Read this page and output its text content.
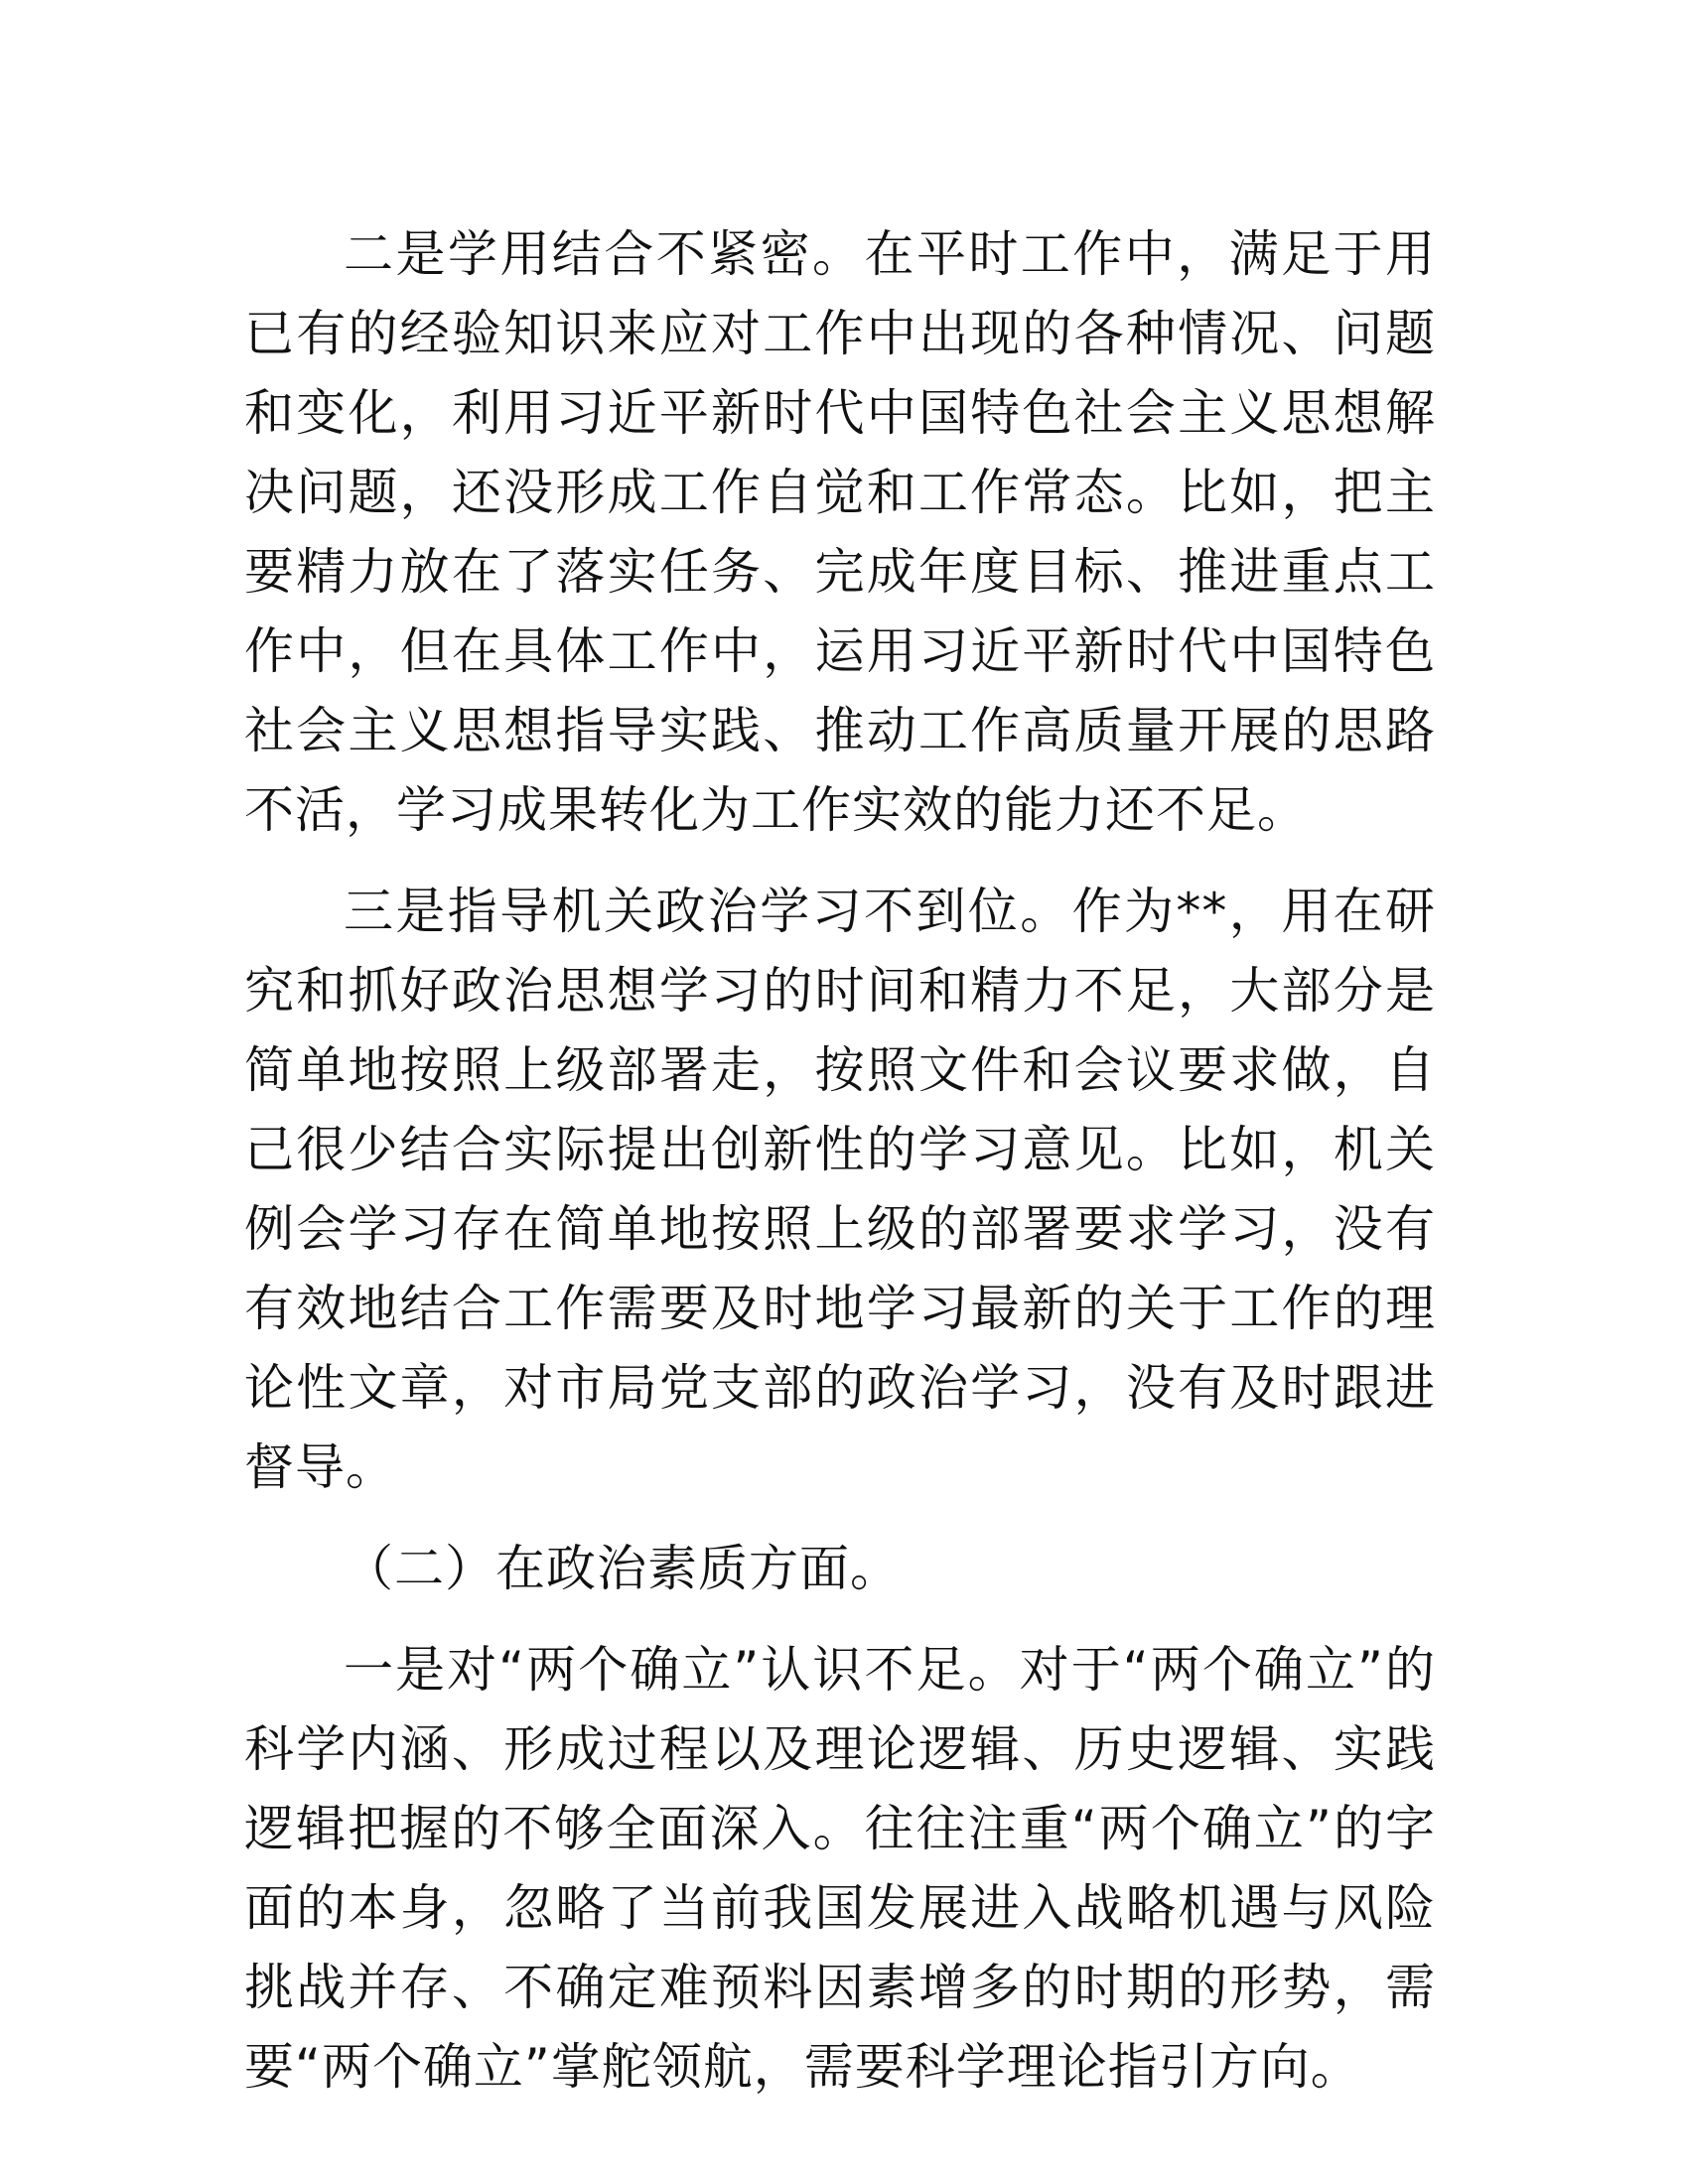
二是学用结合不紧密。在平时工作中，满足于用已有的经验知识来应对工作中出现的各种情况、问题和变化，利用习近平新时代中国特色社会主义思想解决问题，还没形成工作自觉和工作常态。比如，把主要精力放在了落实任务、完成年度目标、推进重点工作中，但在具体工作中，运用习近平新时代中国特色社会主义思想指导实践、推动工作高质量开展的思路不活，学习成果转化为工作实效的能力还不足。

三是指导机关政治学习不到位。作为**，用在研究和抓好政治思想学习的时间和精力不足，大部分是简单地按照上级部署走，按照文件和会议要求做，自己很少结合实际提出创新性的学习意见。比如，机关例会学习存在简单地按照上级的部署要求学习，没有有效地结合工作需要及时地学习最新的关于工作的理论性文章，对市局党支部的政治学习，没有及时跟进督导。

（二）在政治素质方面。

一是对“两个确立”认识不足。对于“两个确立”的科学内涵、形成过程以及理论逻辑、历史逻辑、实践逻辑把握的不够全面深入。往往注重“两个确立”的字面的本身，忽略了当前我国发展进入战略机遇与风险挑战并存、不确定难预料因素增多的时期的形势，需要“两个确立”掌舵领航，需要科学理论指引方向。
